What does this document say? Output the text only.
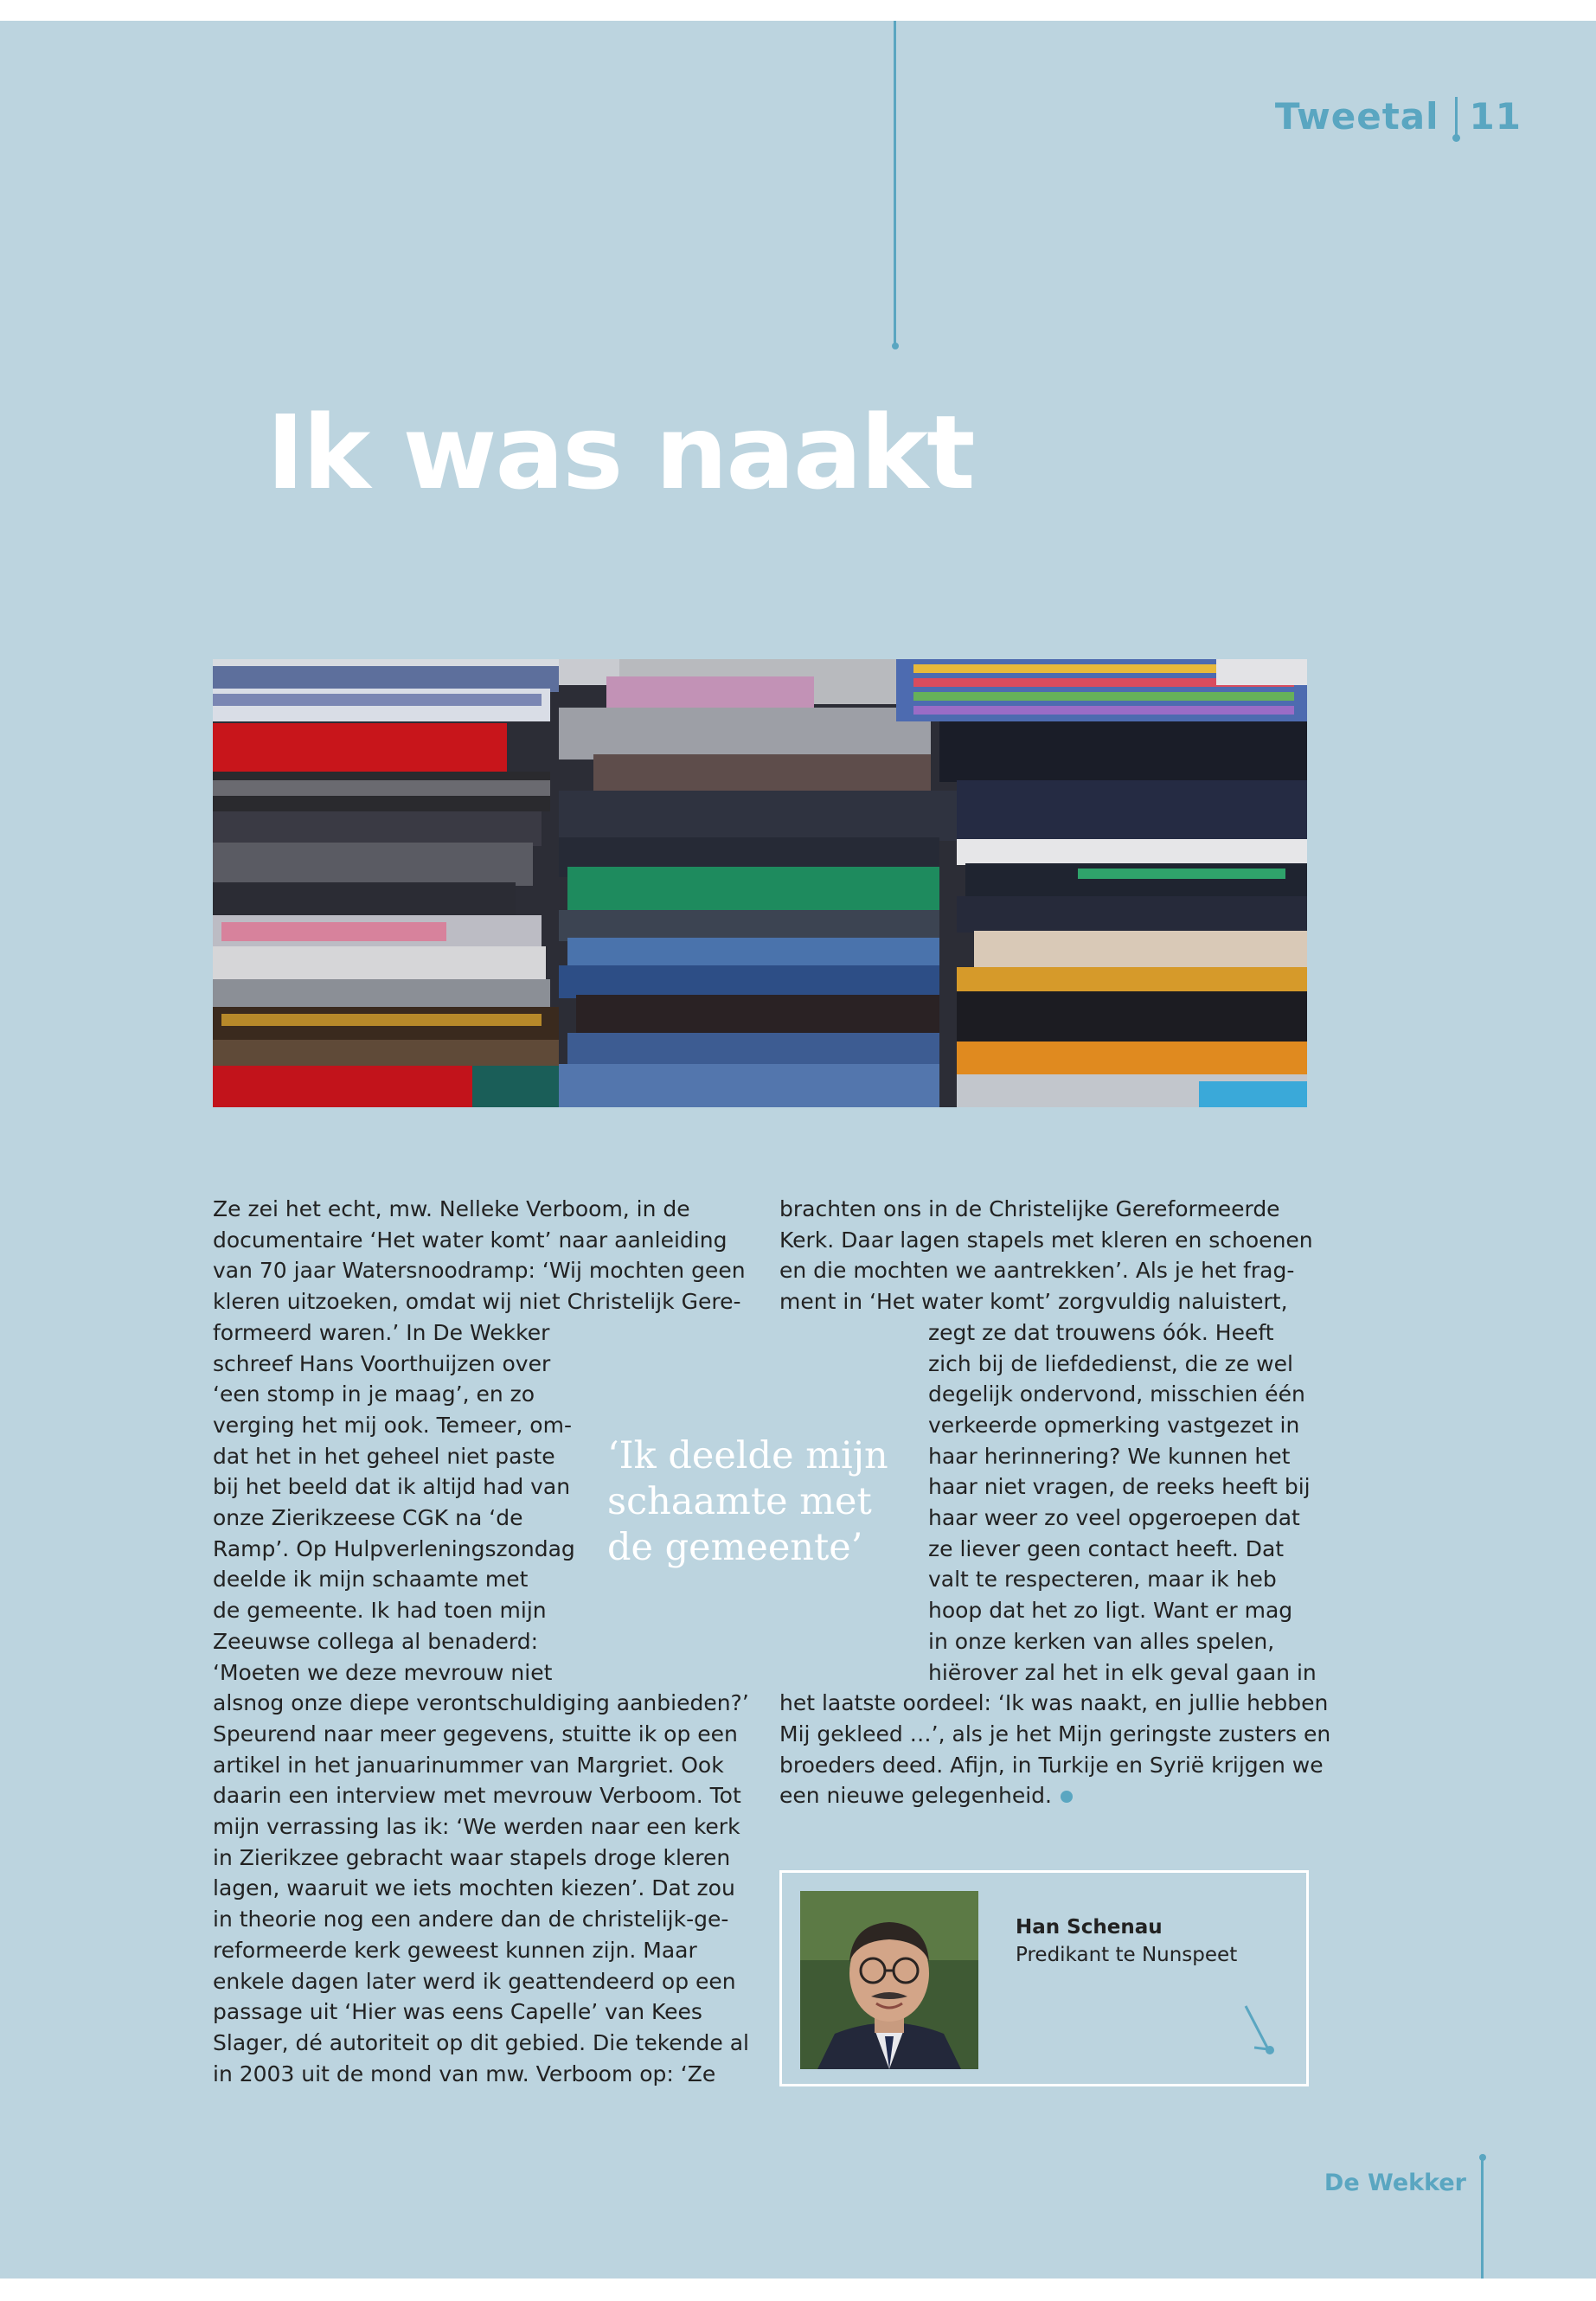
Tweetal 11
Ik was naakt

Ze zei het echt, mw. Nelleke Verboom, in de

documentaire ‘Het water komt’ naar aanleiding

van 70 jaar Watersnoodramp: ‘Wij mochten geen

kleren uitzoeken, omdat wij niet Christelijk Gere-

formeerd waren.’ In De Wekker

schreef Hans Voorthuijzen over

‘een stomp in je maag’, en zo

verging het mij ook. Temeer, om-

dat het in het geheel niet paste

bij het beeld dat ik altijd had van

onze Zierikzeese CGK na ‘de

Ramp’. Op Hulpverleningszondag

deelde ik mijn schaamte met

de gemeente. Ik had toen mijn

Zeeuwse collega al benaderd:

‘Moeten we deze mevrouw niet

alsnog onze diepe verontschuldiging aanbieden?’

Speurend naar meer gegevens, stuitte ik op een

artikel in het januarinummer van Margriet. Ook

daarin een interview met mevrouw Verboom. Tot

mijn verrassing las ik: ‘We werden naar een kerk

in Zierikzee gebracht waar stapels droge kleren

lagen, waaruit we iets mochten kiezen’. Dat zou

in theorie nog een andere dan de christelijk-ge-

reformeerde kerk geweest kunnen zijn. Maar

enkele dagen later werd ik geattendeerd op een

passage uit ‘Hier was eens Capelle’ van Kees

Slager, dé autoriteit op dit gebied. Die tekende al

in 2003 uit de mond van mw. Verboom op: ‘Ze

‘Ik deelde mijn
schaamte met
de gemeente’

brachten ons in de Christelijke Gereformeerde

Kerk. Daar lagen stapels met kleren en schoenen

en die mochten we aantrekken’. Als je het frag-

ment in ‘Het water komt’ zorgvuldig naluistert,

zegt ze dat trouwens óók. Heeft

zich bij de liefdedienst, die ze wel

degelijk ondervond, misschien één

verkeerde opmerking vastgezet in

haar herinnering? We kunnen het

haar niet vragen, de reeks heeft bij

haar weer zo veel opgeroepen dat

ze liever geen contact heeft. Dat

valt te respecteren, maar ik heb

hoop dat het zo ligt. Want er mag

in onze kerken van alles spelen,

hiërover zal het in elk geval gaan in

het laatste oordeel: ‘Ik was naakt, en jullie hebben

Mij gekleed …’, als je het Mijn geringste zusters en

broeders deed. Afijn, in Turkije en Syrië krijgen we

een nieuwe gelegenheid.

Han Schenau
Predikant te Nunspeet
De Wekker
